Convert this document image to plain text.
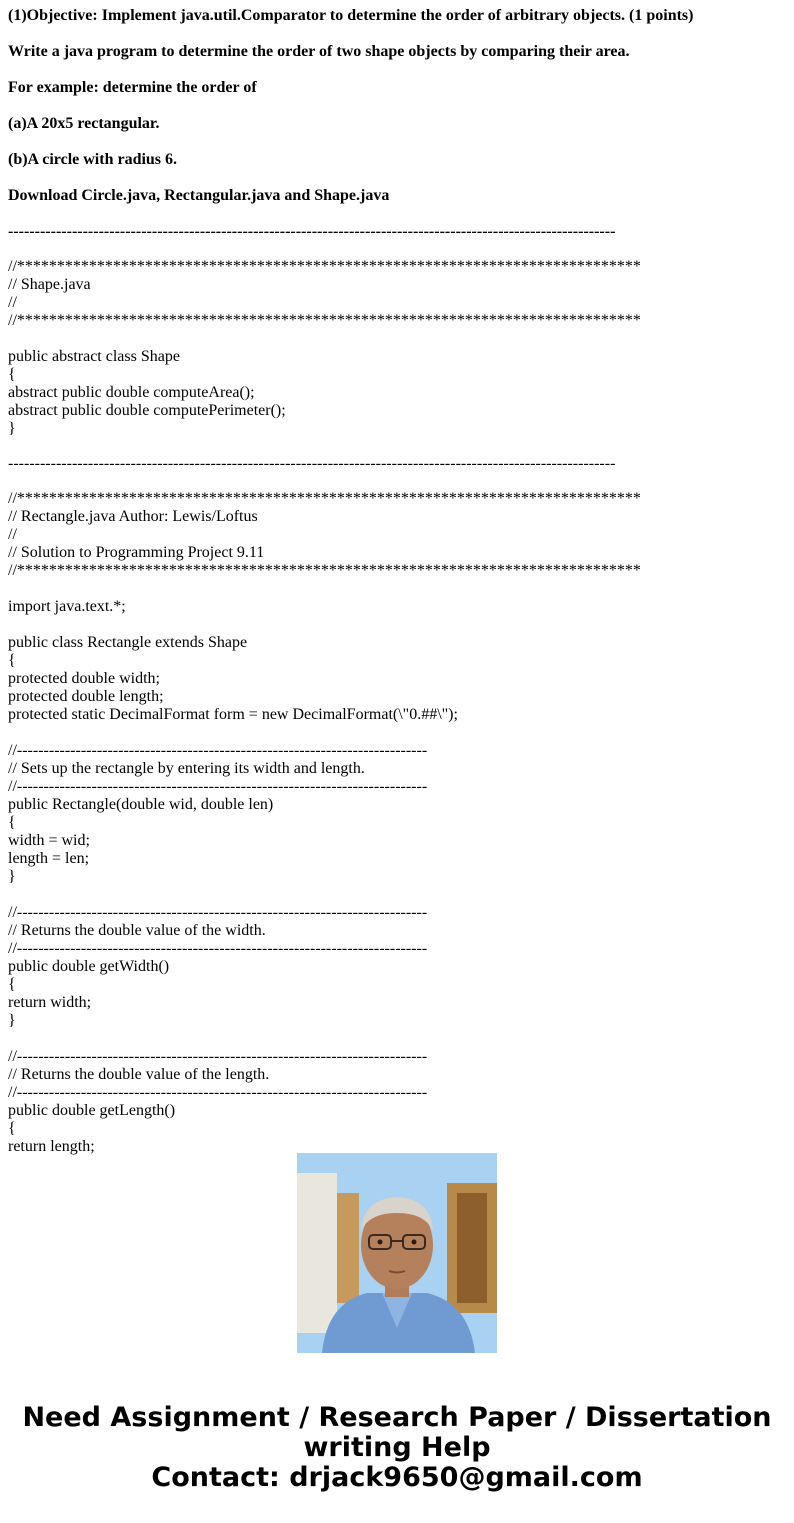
(1)Objective: Implement java.util.Comparator to determine the order of arbitrary objects. (1 points)

Write a java program to determine the order of two shape objects by comparing their area.

For example: determine the order of

(a)A 20x5 rectangular.

(b)A circle with radius 6.

Download Circle.java, Rectangular.java and Shape.java

------------------------------------------------------------------------------------------------------------------

//******************************************************************************
// Shape.java
//
//******************************************************************************
public abstract class Shape
{
abstract public double computeArea();
abstract public double computePerimeter();
}

------------------------------------------------------------------------------------------------------------------

//******************************************************************************
// Rectangle.java Author: Lewis/Loftus
//
// Solution to Programming Project 9.11
//******************************************************************************
import java.text.*;
public class Rectangle extends Shape
{
protected double width;
protected double length;
protected static DecimalFormat form = new DecimalFormat(\"0.##\");
//-----------------------------------------------------------------------------
// Sets up the rectangle by entering its width and length.
//-----------------------------------------------------------------------------
public Rectangle(double wid, double len)
{
width = wid;
length = len;
}
//-----------------------------------------------------------------------------
// Returns the double value of the width.
//-----------------------------------------------------------------------------
public double getWidth()
{
return width;
}
//-----------------------------------------------------------------------------
// Returns the double value of the length.
//-----------------------------------------------------------------------------
public double getLength()
{
return length;
Need Assignment / Research Paper / Dissertation
writing Help
Contact: drjack9650@gmail.com
